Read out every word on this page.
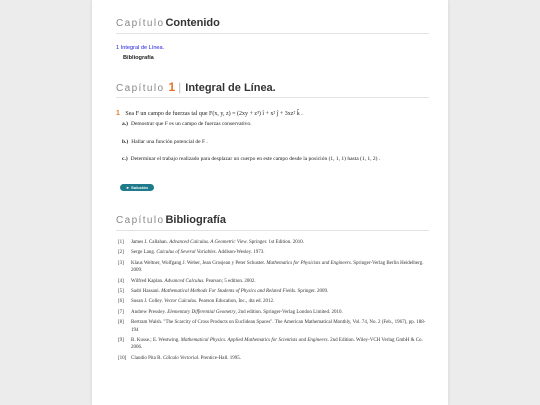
Capítulo Contenido
1 Integral de Línea.
Bibliografía
Capítulo 1 | Integral de Línea.
1 Sea F un campo de fuerzas tal que F(x, y, z) = (2xy + z³) î + x² ĵ + 3xz² k̂ .
a.) Demostrar que F es un campo de fuerzas conservativo.
b.) Hallar una función potencial de F .
c.) Determinar el trabajo realizado para desplazar un cuerpo en este campo desde la posición (1, 1, 1) hasta (1, 1, 2) .
► Solución
Capítulo Bibliografía
[1]	James J. Callahan. Advanced Calculus. A Geometric View. Springer. 1st Edition. 2010.
[2]	Serge Lang. Calculus of Several Variables. Addison-Wesley. 1973.
[3]	Klaus Weltner, Wolfgang J. Weber, Jean Grosjean y Peter Schuster. Mathematics for Physicists and Engineers. Springer-Verlag Berlin Heidelberg. 2009.
[4]	Wilfred Kaplan. Advanced Calculus. Pearson; 5 edition. 2002.
[5]	Sadri Hassani. Mathematical Methods For Students of Physics and Related Fields. Springer. 2009.
[6]	Susan J. Colley. Vector Calculus. Pearson Education, Inc., 4ta ed. 2012.
[7]	Andrew Pressley. Elementary Differential Geometry, 2nd edition. Springer-Verlag London Limited. 2010.
[8]	Bertram Walsh. "The Scarcity of Cross Products on Euclidean Spaces". The American Mathematical Monthly, Vol. 74, No. 2 (Feb., 1967), pp. 188-194
[9]	B. Kusse.; E. Westwing. Mathematical Physics. Applied Mathematics for Scientists and Engineers. 2nd Edition. Wiley-VCH Verlag GmbH & Co. 2006.
[10] Claudio Pita R. Cálculo Vectorial. Prentice-Hall. 1995.
